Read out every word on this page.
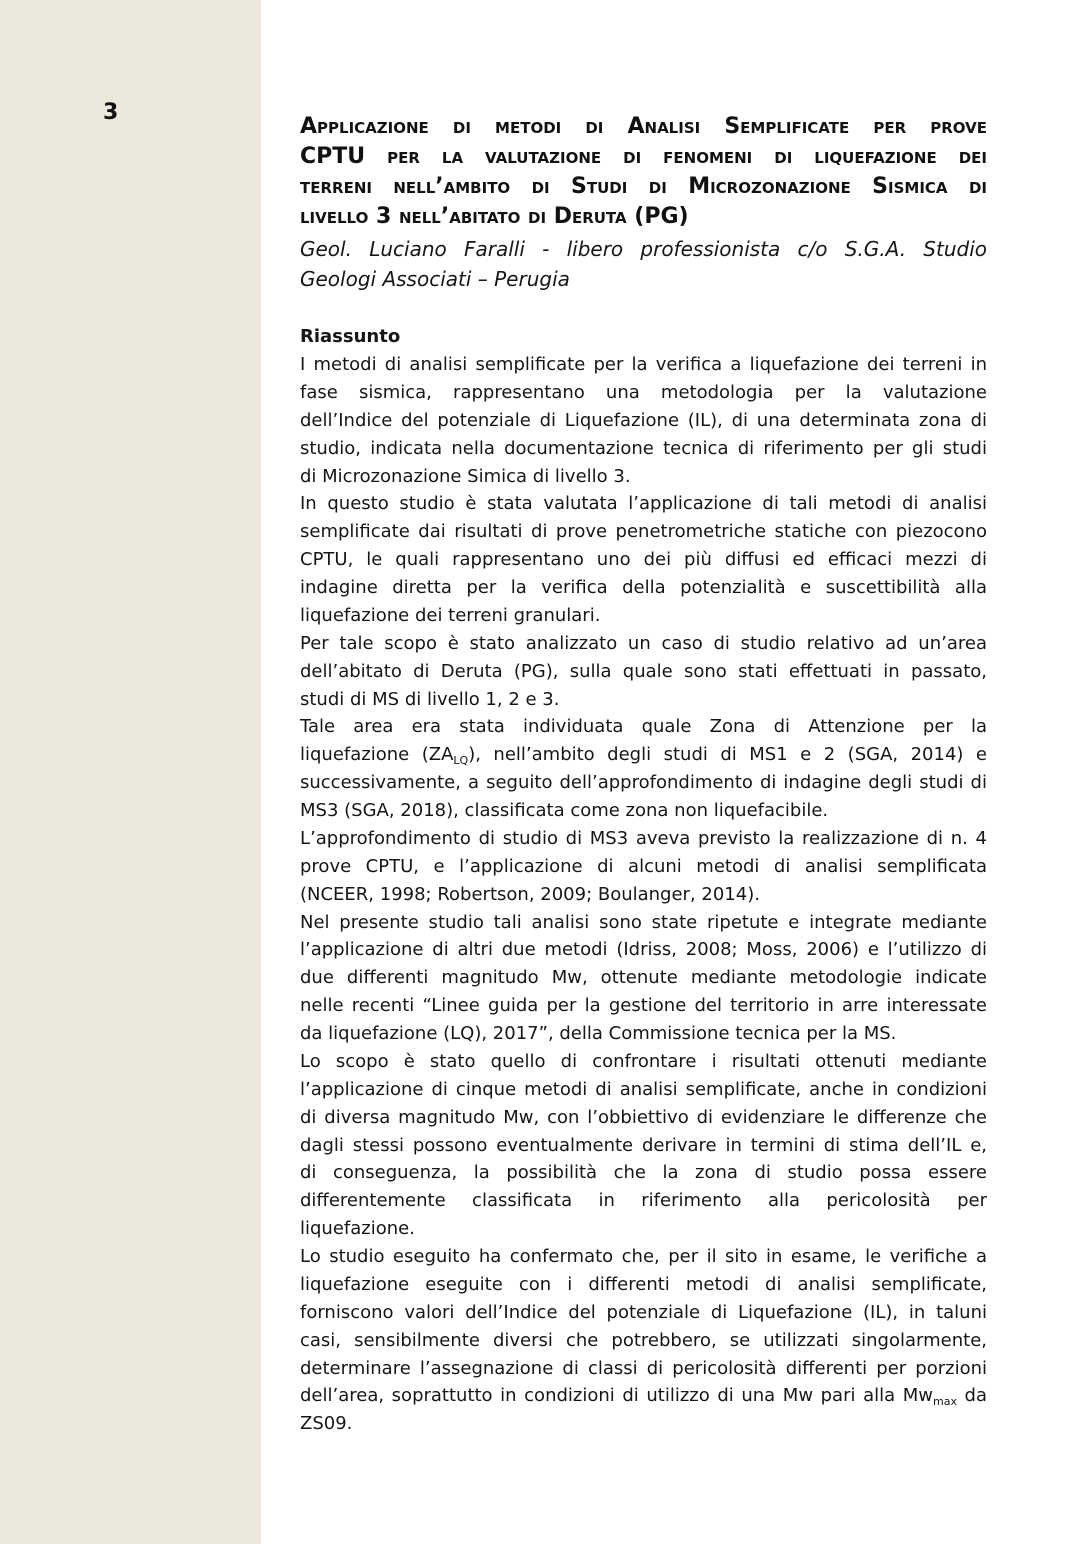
3
Applicazione di metodi di Analisi Semplificate per prove
CPTU per la valutazione di fenomeni di liquefazione dei
terreni nell’ambito di Studi di Microzonazione Sismica di
livello 3 nell’abitato di Deruta (PG)
Geol. Luciano Faralli - libero professionista c/o S.G.A. Studio
Geologi Associati – Perugia
Riassunto
I metodi di analisi semplificate per la verifica a liquefazione dei terreni in
fase sismica, rappresentano una metodologia per la valutazione
dell’Indice del potenziale di Liquefazione (IL), di una determinata zona di
studio, indicata nella documentazione tecnica di riferimento per gli studi
di Microzonazione Simica di livello 3.
In questo studio è stata valutata l’applicazione di tali metodi di analisi
semplificate dai risultati di prove penetrometriche statiche con piezocono
CPTU, le quali rappresentano uno dei più diffusi ed efficaci mezzi di
indagine diretta per la verifica della potenzialità e suscettibilità alla
liquefazione dei terreni granulari.
Per tale scopo è stato analizzato un caso di studio relativo ad un’area
dell’abitato di Deruta (PG), sulla quale sono stati effettuati in passato,
studi di MS di livello 1, 2 e 3.
Tale area era stata individuata quale Zona di Attenzione per la
liquefazione $(ZA_{LQ})$, nell’ambito degli studi di MS1 e 2 (SGA, 2014) e
successivamente, a seguito dell’approfondimento di indagine degli studi di
MS3 (SGA, 2018), classificata come zona non liquefacibile.
L’approfondimento di studio di MS3 aveva previsto la realizzazione di n. 4
prove CPTU, e l’applicazione di alcuni metodi di analisi semplificata
(NCEER, 1998; Robertson, 2009; Boulanger, 2014).
Nel presente studio tali analisi sono state ripetute e integrate mediante
l’applicazione di altri due metodi (Idriss, 2008; Moss, 2006) e l’utilizzo di
due differenti magnitudo Mw, ottenute mediante metodologie indicate
nelle recenti “Linee guida per la gestione del territorio in arre interessate
da liquefazione (LQ), 2017”, della Commissione tecnica per la MS.
Lo scopo è stato quello di confrontare i risultati ottenuti mediante
l’applicazione di cinque metodi di analisi semplificate, anche in condizioni
di diversa magnitudo Mw, con l’obbiettivo di evidenziare le differenze che
dagli stessi possono eventualmente derivare in termini di stima dell’IL e,
di conseguenza, la possibilità che la zona di studio possa essere
differentemente classificata in riferimento alla pericolosità per
liquefazione.
Lo studio eseguito ha confermato che, per il sito in esame, le verifiche a
liquefazione eseguite con i differenti metodi di analisi semplificate,
forniscono valori dell’Indice del potenziale di Liquefazione (IL), in taluni
casi, sensibilmente diversi che potrebbero, se utilizzati singolarmente,
determinare l’assegnazione di classi di pericolosità differenti per porzioni
dell’area, soprattutto in condizioni di utilizzo di una Mw pari alla $Mw_{max}$ da
ZS09.
